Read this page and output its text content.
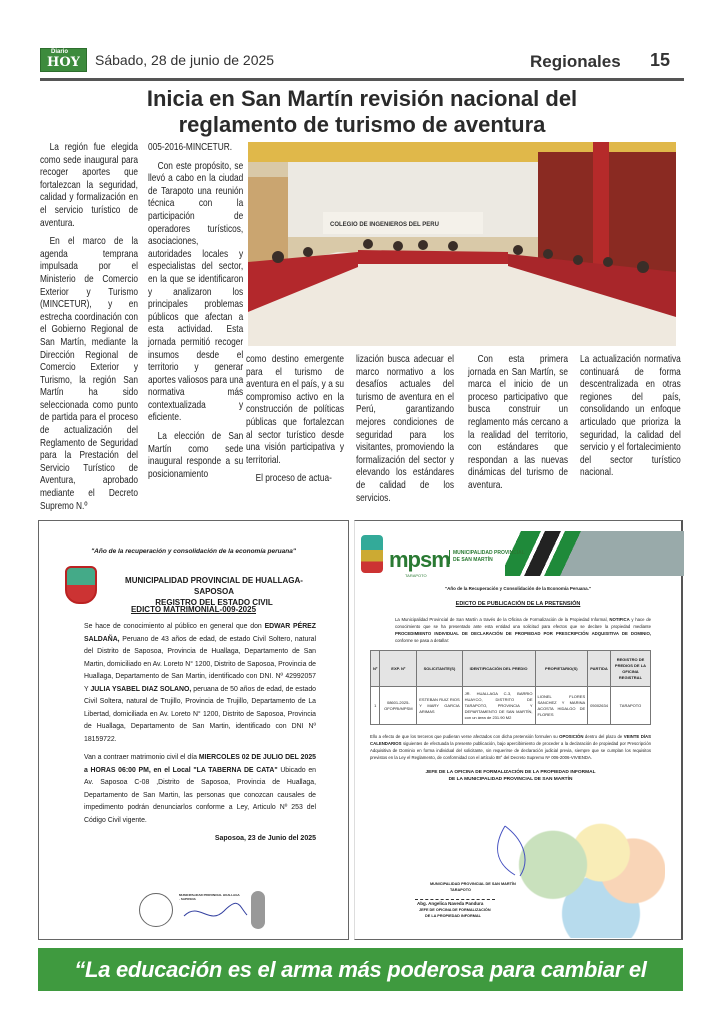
Diario
HOY	Sábado, 28 de junio de 2025	Regionales 15
Inicia en San Martín revisión nacional del
reglamento de turismo de aventura

La región fue elegida como sede inaugural para recoger aportes que fortalezcan la seguridad, calidad y formalización en el servicio turístico de aventura.

En el marco de la agenda temprana impulsada por el Ministerio de Comercio Exterior y Turismo (MINCETUR), y en estrecha coordinación con el Gobierno Regional de San Martín, mediante la Dirección Regional de Comercio Exterior y Turismo, la región San Martín ha sido seleccionada como punto de partida para el proceso de actualización del Reglamento de Seguridad para la Prestación del Servicio Turístico de Aventura, aprobado mediante el Decreto Supremo N.º

005-2016-MINCETUR.

Con este propósito, se llevó a cabo en la ciudad de Tarapoto una reunión técnica con la participación de operadores turísticos, asociaciones, autoridades locales y especialistas del sector, en la que se identificaron y analizaron los principales problemas públicos que afectan a esta actividad. Esta jornada permitió recoger insumos desde el territorio y generar aportes valiosos para una normativa más contextualizada y eficiente.

La elección de San Martín como sede inaugural responde a su posicionamiento

COLEGIO DE INGENIEROS DEL PERU

como destino emergente para el turismo de aventura en el país, y a su compromiso activo en la construcción de políticas públicas que fortalezcan al sector turístico desde una visión participativa y territorial.

El proceso de actua-

lización busca adecuar el marco normativo a los desafíos actuales del turismo de aventura en el Perú, garantizando mejores condiciones de seguridad para los visitantes, promoviendo la formalización del sector y elevando los estándares de calidad de los servicios.

Con esta primera jornada en San Martín, se marca el inicio de un proceso participativo que busca construir un reglamento más cercano a la realidad del territorio, con estándares que respondan a las nuevas dinámicas del turismo de aventura.

La actualización normativa continuará de forma descentralizada en otras regiones del país, consolidando un enfoque articulado que prioriza la seguridad, la calidad del servicio y el fortalecimiento del sector turístico nacional.

"Año de la recuperación y consolidación de la economía peruana"
MUNICIPALIDAD PROVINCIAL DE HUALLAGA-SAPOSOA
REGISTRO DEL ESTADO CIVIL
EDICTO MATRIMONIAL-009-2025
Se hace de conocimiento al público en general que don EDWAR PÉREZ SALDAÑA, Peruano de 43 años de edad, de estado Civil Soltero, natural del Distrito de Saposoa, Provincia de Huallaga, Departamento de San Martin, domiciliado en Av. Loreto N° 1200, Distrito de Saposoa, Provincia de Huallaga, Departamento de San Martin, identificado con DNI. Nº 42992057 Y JULIA YSABEL DIAZ SOLANO, peruana de 50 años de edad, de estado Civil Soltera, natural de Trujillo, Provincia de Trujillo, Departamento de La Libertad, domiciliada en Av. Loreto N° 1200, Distrito de Saposoa, Provincia de Huallaga, Departamento de San Martin, identificado con DNI Nº 18159722.
Van a contraer matrimonio civil el día MIERCOLES 02 DE JULIO DEL 2025 a HORAS 06:00 PM, en el Local "LA TABERNA DE CATA" Ubicado en Av. Saposoa C-08 ,Distrito de Saposoa, Provincia de Huallaga, Departamento de San Martin, las personas que conozcan causales de impedimento podrán denunciarlos conforme a Ley, Articulo Nº 253 del Código Civil vigente.
Saposoa, 23 de Junio del 2025
MUNICIPALIDAD PROVINCIAL HUALLAGA - SAPOSOA
mpsm
TARAPOTO
MUNICIPALIDAD PROVINCIAL
DE SAN MARTÍN
"Año de la Recuperación y Consolidación de la Economía Peruana."
EDICTO DE PUBLICACIÓN DE LA PRETENSIÓN
La Municipalidad Provincial de San Martín a través de la Oficina de Formalización de la Propiedad Informal, NOTIFICA y hace de conocimiento que se ha presentado ante esta entidad una solicitud para efectos que se declare la propiedad mediante PROCEDIMIENTO INDIVIDUAL DE DECLARACIÓN DE PROPIEDAD POR PRESCRIPCIÓN ADQUISITIVA DE DOMINIO, conforme se pasa a detallar:
Nº	EXP. Nº	SOLICITANTE(S)	IDENTIFICACIÓN DEL PREDIO	PROPIETARIO(S)	PARTIDA	REGISTRO DE PREDIOS DE LA OFICINA REGISTRAL
1	08601-2025-OFOPRI/MPSM	ESTEBAN RUIZ RIOS Y MARY GARCIA ARIMAS	JR. HUALLAGA C-3, BARRIO HUAYCO, DISTRITO DE TARAPOTO, PROVINCIA Y DEPARTAMENTO DE SAN MARTÍN, con un área de 231.90 M2	LIONEL FLORES SANCHEZ Y MARINA ACOSTA HIDALGO DE FLORES	05002634	TARAPOTO
Ello a efecto de que los terceros que pudieran verse afectados con dicha pretensión formulen su OPOSICIÓN dentro del plazo de VEINTE DÍAS CALENDARIOS siguientes de efectuada la presente publicación, bajo apercibimiento de proceder a la declaración de propiedad por Prescripción Adquisitiva de Dominio en forma individual del solicitante, sin requerirse de declaración judicial previa, siempre que se cumplan los requisitos previstos en la Ley el Reglamento, de conformidad con el artículo 88° del Decreto Supremo Nº 006-2006-VIVIENDA.
JEFE DE LA OFICINA DE FORMALIZACIÓN DE LA PROPIEDAD INFORMAL
DE LA MUNICIPALIDAD PROVINCIAL DE SAN MARTÍN
MUNICIPALIDAD PROVINCIAL DE SAN MARTÍN
TARAPOTO
Abg. Angelica Naveda Pandura
JEFE DE OFICINA DE FORMALIZACIÓN
DE LA PROPIEDAD INFORMAL
“La educación es el arma más poderosa para cambiar el mundo”
